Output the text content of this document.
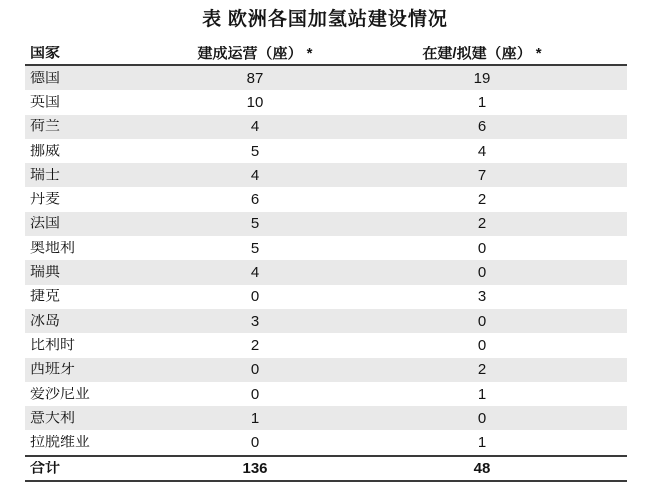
表 欧洲各国加氢站建设情况
国家	建成运营（座） *	在建/拟建（座） *
德国	87	19
英国	10	1
荷兰	4	6
挪威	5	4
瑞士	4	7
丹麦	6	2
法国	5	2
奥地利	5	0
瑞典	4	0
捷克	0	3
冰岛	3	0
比利时	2	0
西班牙	0	2
爱沙尼亚	0	1
意大利	1	0
拉脱维亚	0	1
合计	136	48
